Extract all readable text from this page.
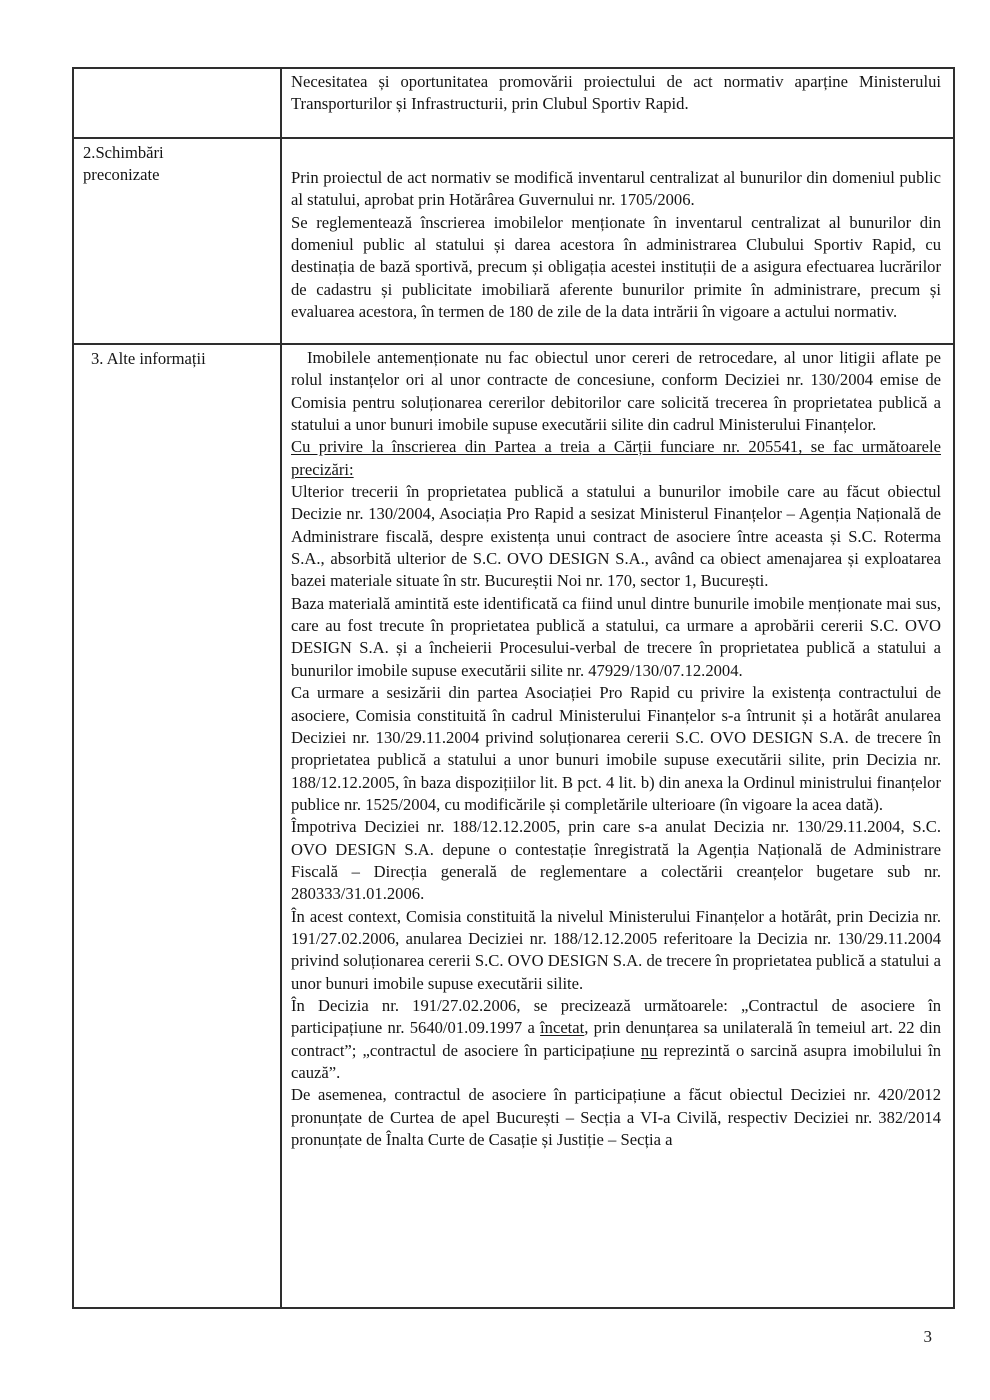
	Necesitatea și oportunitatea promovării proiectului de act normativ aparține Ministerului Transporturilor și Infrastructurii, prin Clubul Sportiv Rapid.

2.Schimbări
preconizate	Prin proiectul de act normativ se modifică inventarul centralizat al bunurilor din domeniul public al statului, aprobat prin Hotărârea Guvernului nr. 1705/2006.

Se reglementează înscrierea imobilelor menționate în inventarul centralizat al bunurilor din domeniul public al statului și darea acestora în administrarea Clubului Sportiv Rapid, cu destinația de bază sportivă, precum și obligația acestei instituții de a asigura efectuarea lucrărilor de cadastru și publicitate imobiliară aferente bunurilor primite în administrare, precum și evaluarea acestora, în termen de 180 de zile de la data intrării în vigoare a actului normativ.

3. Alte informații	Imobilele antemenționate nu fac obiectul unor cereri de retrocedare, al unor litigii aflate pe rolul instanțelor ori al unor contracte de concesiune, conform Deciziei nr. 130/2004 emise de Comisia pentru soluționarea cererilor debitorilor care solicită trecerea în proprietatea publică a statului a unor bunuri imobile supuse executării silite din cadrul Ministerului Finanțelor.

Cu privire la înscrierea din Partea a treia a Cărții funciare nr. 205541, se fac următoarele precizări:

Ulterior trecerii în proprietatea publică a statului a bunurilor imobile care au făcut obiectul Decizie nr. 130/2004, Asociația Pro Rapid a sesizat Ministerul Finanțelor – Agenția Națională de Administrare fiscală, despre existența unui contract de asociere între aceasta și S.C. Roterma S.A., absorbită ulterior de S.C. OVO DESIGN S.A., având ca obiect amenajarea și exploatarea bazei materiale situate în str. Bucureștii Noi nr. 170, sector 1, București.

Baza materială amintită este identificată ca fiind unul dintre bunurile imobile menționate mai sus, care au fost trecute în proprietatea publică a statului, ca urmare a aprobării cererii S.C. OVO DESIGN S.A. și a încheierii Procesului-verbal de trecere în proprietatea publică a statului a bunurilor imobile supuse executării silite nr. 47929/130/07.12.2004.

Ca urmare a sesizării din partea Asociației Pro Rapid cu privire la existența contractului de asociere, Comisia constituită în cadrul Ministerului Finanțelor s-a întrunit și a hotărât anularea Deciziei nr. 130/29.11.2004 privind soluționarea cererii S.C. OVO DESIGN S.A. de trecere în proprietatea publică a statului a unor bunuri imobile supuse executării silite, prin Decizia nr. 188/12.12.2005, în baza dispozițiilor lit. B pct. 4 lit. b) din anexa la Ordinul ministrului finanțelor publice nr. 1525/2004, cu modificările și completările ulterioare (în vigoare la acea dată).

Împotriva Deciziei nr. 188/12.12.2005, prin care s-a anulat Decizia nr. 130/29.11.2004, S.C. OVO DESIGN S.A. depune o contestație înregistrată la Agenția Națională de Administrare Fiscală – Direcția generală de reglementare a colectării creanțelor bugetare sub nr. 280333/31.01.2006.

În acest context, Comisia constituită la nivelul Ministerului Finanțelor a hotărât, prin Decizia nr. 191/27.02.2006, anularea Deciziei nr. 188/12.12.2005 referitoare la Decizia nr. 130/29.11.2004 privind soluționarea cererii S.C. OVO DESIGN S.A. de trecere în proprietatea publică a statului a unor bunuri imobile supuse executării silite.

În Decizia nr. 191/27.02.2006, se precizează următoarele: „Contractul de asociere în participațiune nr. 5640/01.09.1997 a încetat, prin denunțarea sa unilaterală în temeiul art. 22 din contract”; „contractul de asociere în participațiune nu reprezintă o sarcină asupra imobilului în cauză”.

De asemenea, contractul de asociere în participațiune a făcut obiectul Deciziei nr. 420/2012 pronunțate de Curtea de apel București – Secția a VI-a Civilă, respectiv Deciziei nr. 382/2014 pronunțate de Înalta Curte de Casație și Justiție – Secția a

3
